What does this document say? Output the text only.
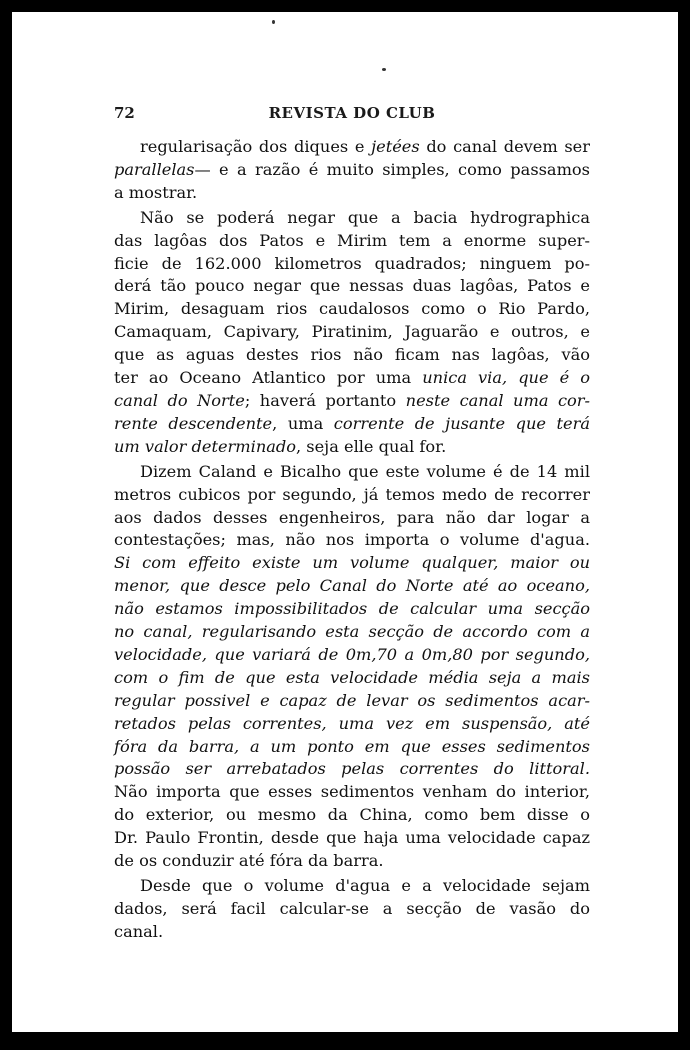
72	REVISTA DO CLUB
regularisação dos diques e jetées do canal devem ser
parallelas— e a razão é muito simples, como passamos
a mostrar.
Não se poderá negar que a bacia hydrographica
das lagôas dos Patos e Mirim tem a enorme super-
ficie de 162.000 kilometros quadrados; ninguem po-
derá tão pouco negar que nessas duas lagôas, Patos e
Mirim, desaguam rios caudalosos como o Rio Pardo,
Camaquam, Capivary, Piratinim, Jaguarão e outros, e
que as aguas destes rios não ficam nas lagôas, vão
ter ao Oceano Atlantico por uma unica via, que é o
canal do Norte; haverá portanto neste canal uma cor-
rente descendente, uma corrente de jusante que terá
um valor determinado, seja elle qual for.
Dizem Caland e Bicalho que este volume é de 14 mil
metros cubicos por segundo, já temos medo de recorrer
aos dados desses engenheiros, para não dar logar a
contestações; mas, não nos importa o volume d'agua.
Si com effeito existe um volume qualquer, maior ou
menor, que desce pelo Canal do Norte até ao oceano,
não estamos impossibilitados de calcular uma secção
no canal, regularisando esta secção de accordo com a
velocidade, que variará de 0m,70 a 0m,80 por segundo,
com o fim de que esta velocidade média seja a mais
regular possivel e capaz de levar os sedimentos acar-
retados pelas correntes, uma vez em suspensão, até
fóra da barra, a um ponto em que esses sedimentos
possão ser arrebatados pelas correntes do littoral.
Não importa que esses sedimentos venham do interior,
do exterior, ou mesmo da China, como bem disse o
Dr. Paulo Frontin, desde que haja uma velocidade capaz
de os conduzir até fóra da barra.
Desde que o volume d'agua e a velocidade sejam
dados, será facil calcular-se a secção de vasão do
canal.
